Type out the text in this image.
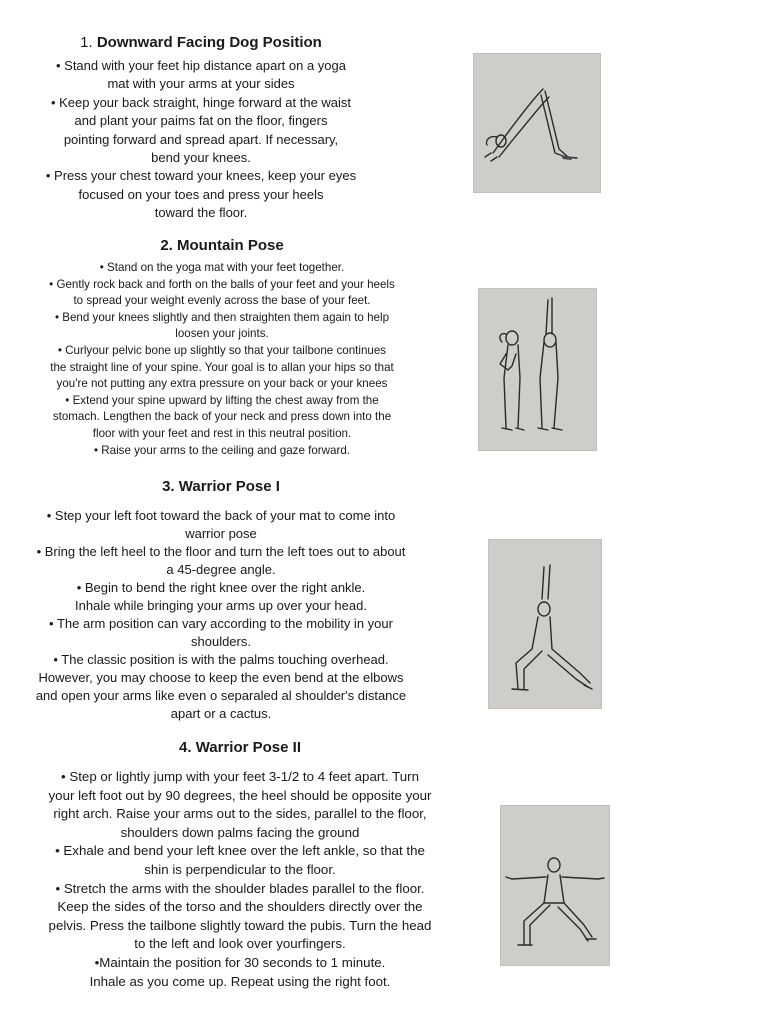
1. Downward Facing Dog Position

• Stand with your feet hip distance apart on a yoga

mat with your arms at your sides

• Keep your back straight, hinge forward at the waist

and plant your paims fat on the floor, fingers

pointing forward and spread apart. If necessary,

bend your knees.

• Press your chest toward your knees, keep your eyes

focused on your toes and press your heels

toward the floor.

2. Mountain Pose

• Stand on the yoga mat with your feet together.

• Gently rock back and forth on the balls of your feet and your heels

to spread your weight evenly across the base of your feet.

• Bend your knees slightly and then straighten them again to help

loosen your joints.

• Curlyour pelvic bone up slightly so that your tailbone continues

the straight line of your spine. Your goal is to allan your hips so that

you're not putting any extra pressure on your back or your knees

• Extend your spine upward by lifting the chest away from the

stomach. Lengthen the back of your neck and press down into the

floor with your feet and rest in this neutral position.

• Raise your arms to the ceiling and gaze forward.

3. Warrior Pose I

• Step your left foot toward the back of your mat to come into

warrior pose

• Bring the left heel to the floor and turn the left toes out to about

a 45-degree angle.

• Begin to bend the right knee over the right ankle.

Inhale while bringing your arms up over your head.

• The arm position can vary according to the mobility in your

shoulders.

• The classic position is with the palms touching overhead.

However, you may choose to keep the even bend at the elbows

and open your arms like even o separaled al shoulder's distance

apart or a cactus.

4. Warrior Pose II

• Step or lightly jump with your feet 3-1/2 to 4 feet apart. Turn

your left foot out by 90 degrees, the heel should be opposite your

right arch. Raise your arms out to the sides, parallel to the floor,

shoulders down palms facing the ground

• Exhale and bend your left knee over the left ankle, so that the

shin is perpendicular to the floor.

• Stretch the arms with the shoulder blades parallel to the floor.

Keep the sides of the torso and the shoulders directly over the

pelvis. Press the tailbone slightly toward the pubis. Turn the head

to the left and look over yourfingers.

•Maintain the position for 30 seconds to 1 minute.

Inhale as you come up. Repeat using the right foot.
